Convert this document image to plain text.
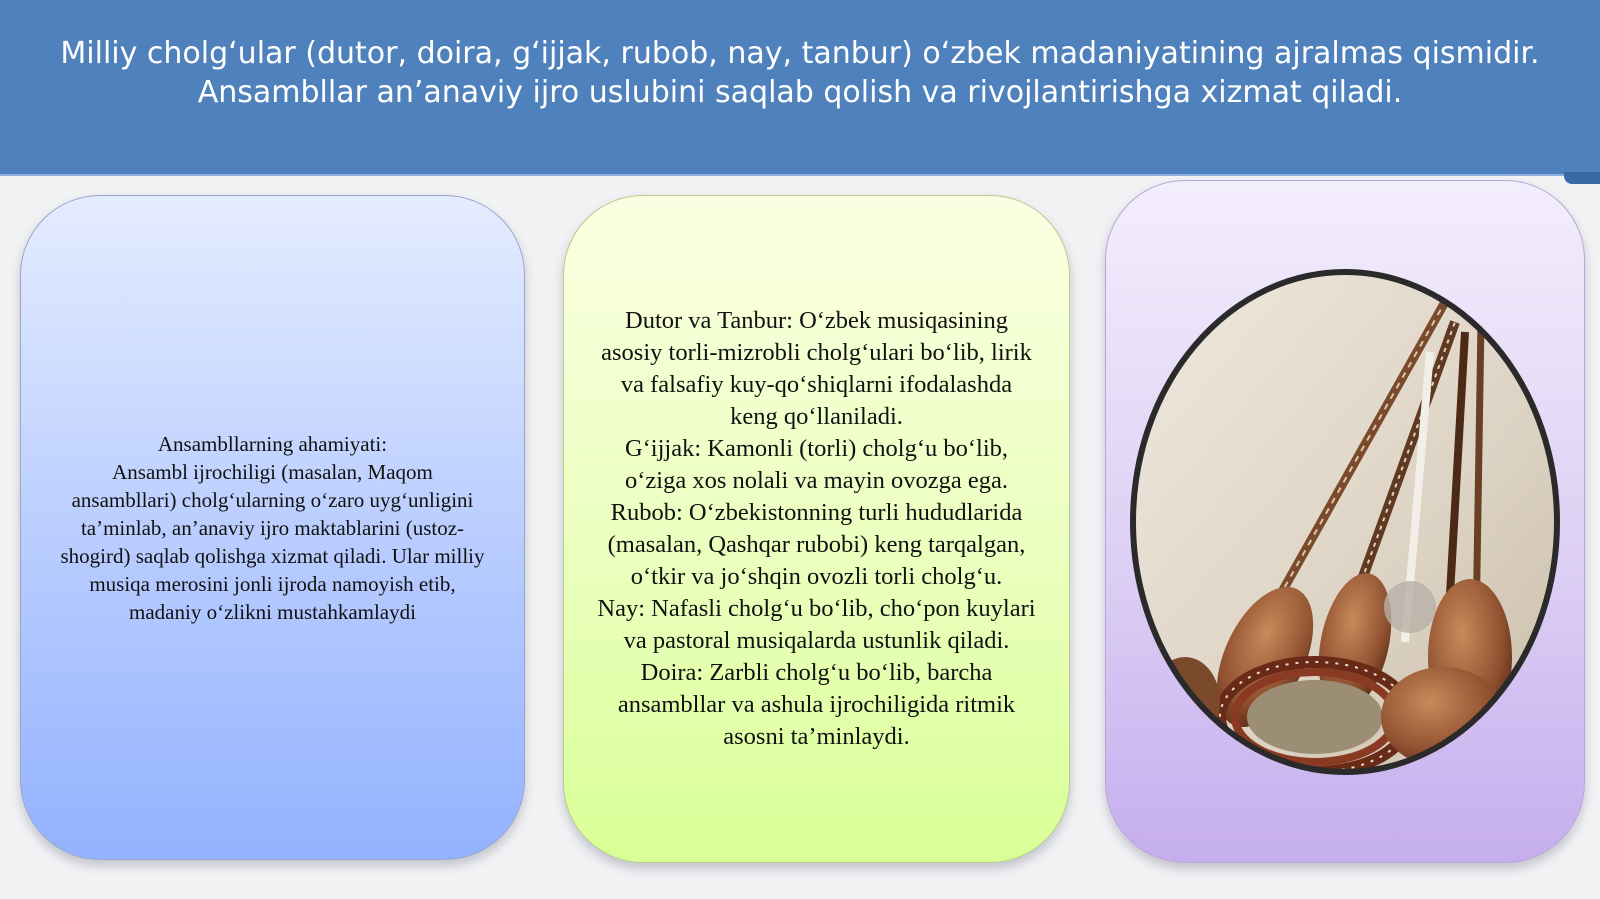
Milliy cholg‘ular (dutor, doira, g‘ijjak, rubob, nay, tanbur) o‘zbek madaniyatining ajralmas qismidir.
Ansambllar an’anaviy ijro uslubini saqlab qolish va rivojlantirishga xizmat qiladi.
Ansambllarning ahamiyati:
Ansambl ijrochiligi (masalan, Maqom ansambllari) cholg‘ularning o‘zaro uyg‘unligini ta’minlab, an’anaviy ijro maktablarini (ustoz-shogird) saqlab qolishga xizmat qiladi. Ular milliy musiqa merosini jonli ijroda namoyish etib, madaniy o‘zlikni mustahkamlaydi
Dutor va Tanbur: O‘zbek musiqasining asosiy torli-mizrobli cholg‘ulari bo‘lib, lirik va falsafiy kuy-qo‘shiqlarni ifodalashda keng qo‘llaniladi.
G‘ijjak: Kamonli (torli) cholg‘u bo‘lib, o‘ziga xos nolali va mayin ovozga ega.
Rubob: O‘zbekistonning turli hududlarida (masalan, Qashqar rubobi) keng tarqalgan, o‘tkir va jo‘shqin ovozli torli cholg‘u.
Nay: Nafasli cholg‘u bo‘lib, cho‘pon kuylari va pastoral musiqalarda ustunlik qiladi.
Doira: Zarbli cholg‘u bo‘lib, barcha ansambllar va ashula ijrochiligida ritmik asosni ta’minlaydi.
